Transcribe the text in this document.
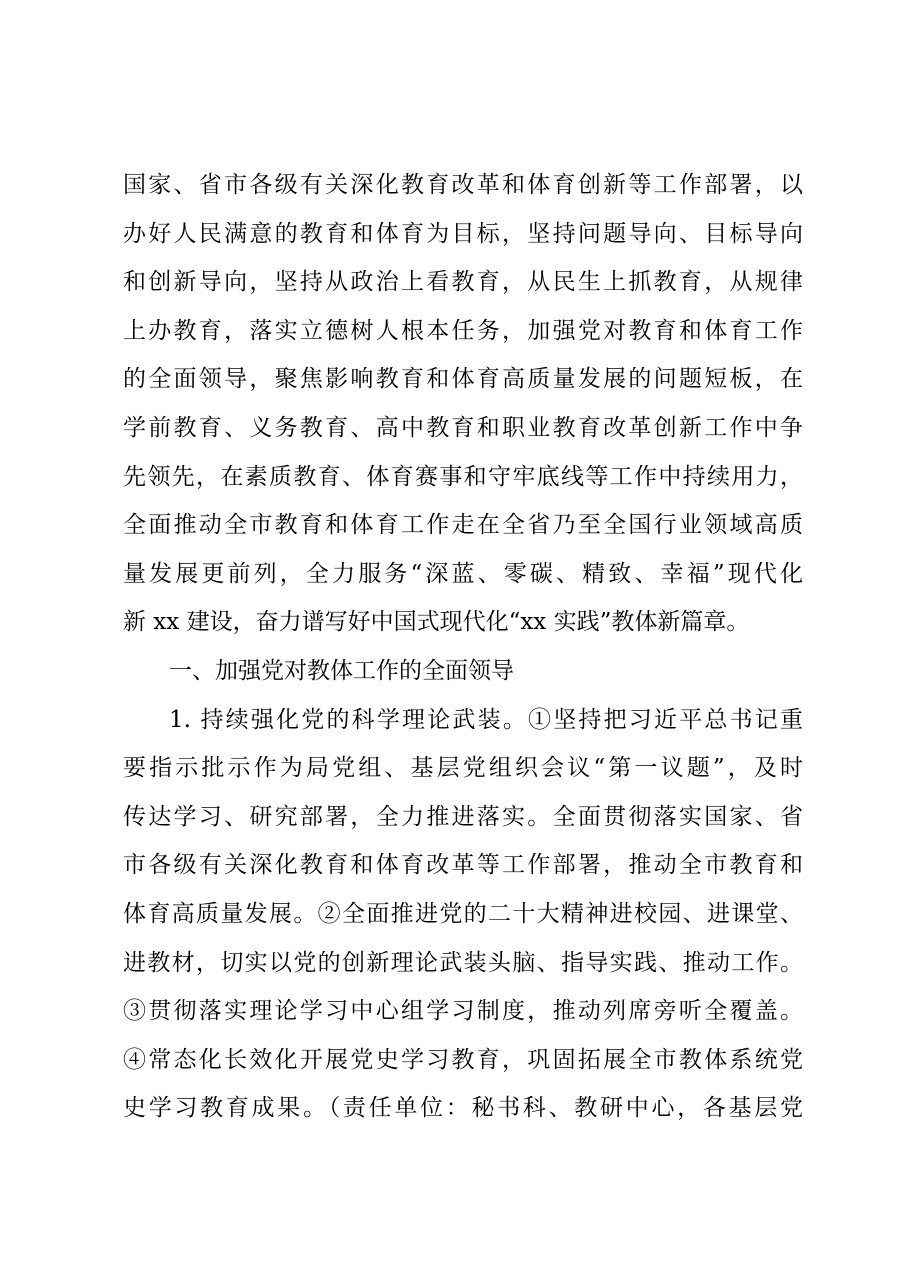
国家、省市各级有关深化教育改革和体育创新等工作部署，以
办好人民满意的教育和体育为目标，坚持问题导向、目标导向
和创新导向，坚持从政治上看教育，从民生上抓教育，从规律
上办教育，落实立德树人根本任务，加强党对教育和体育工作
的全面领导，聚焦影响教育和体育高质量发展的问题短板，在
学前教育、义务教育、高中教育和职业教育改革创新工作中争
先领先，在素质教育、体育赛事和守牢底线等工作中持续用力，
全面推动全市教育和体育工作走在全省乃至全国行业领域高质
量发展更前列，全力服务“深蓝、零碳、精致、幸福”现代化
新 xx 建设，奋力谱写好中国式现代化“xx 实践”教体新篇章。
一、加强党对教体工作的全面领导
1. 持续强化党的科学理论武装。①坚持把习近平总书记重
要指示批示作为局党组、基层党组织会议“第一议题”，及时
传达学习、研究部署，全力推进落实。全面贯彻落实国家、省
市各级有关深化教育和体育改革等工作部署，推动全市教育和
体育高质量发展。②全面推进党的二十大精神进校园、进课堂、
进教材，切实以党的创新理论武装头脑、指导实践、推动工作。
③贯彻落实理论学习中心组学习制度，推动列席旁听全覆盖。
④常态化长效化开展党史学习教育，巩固拓展全市教体系统党
史学习教育成果。（责任单位：秘书科、教研中心，各基层党
